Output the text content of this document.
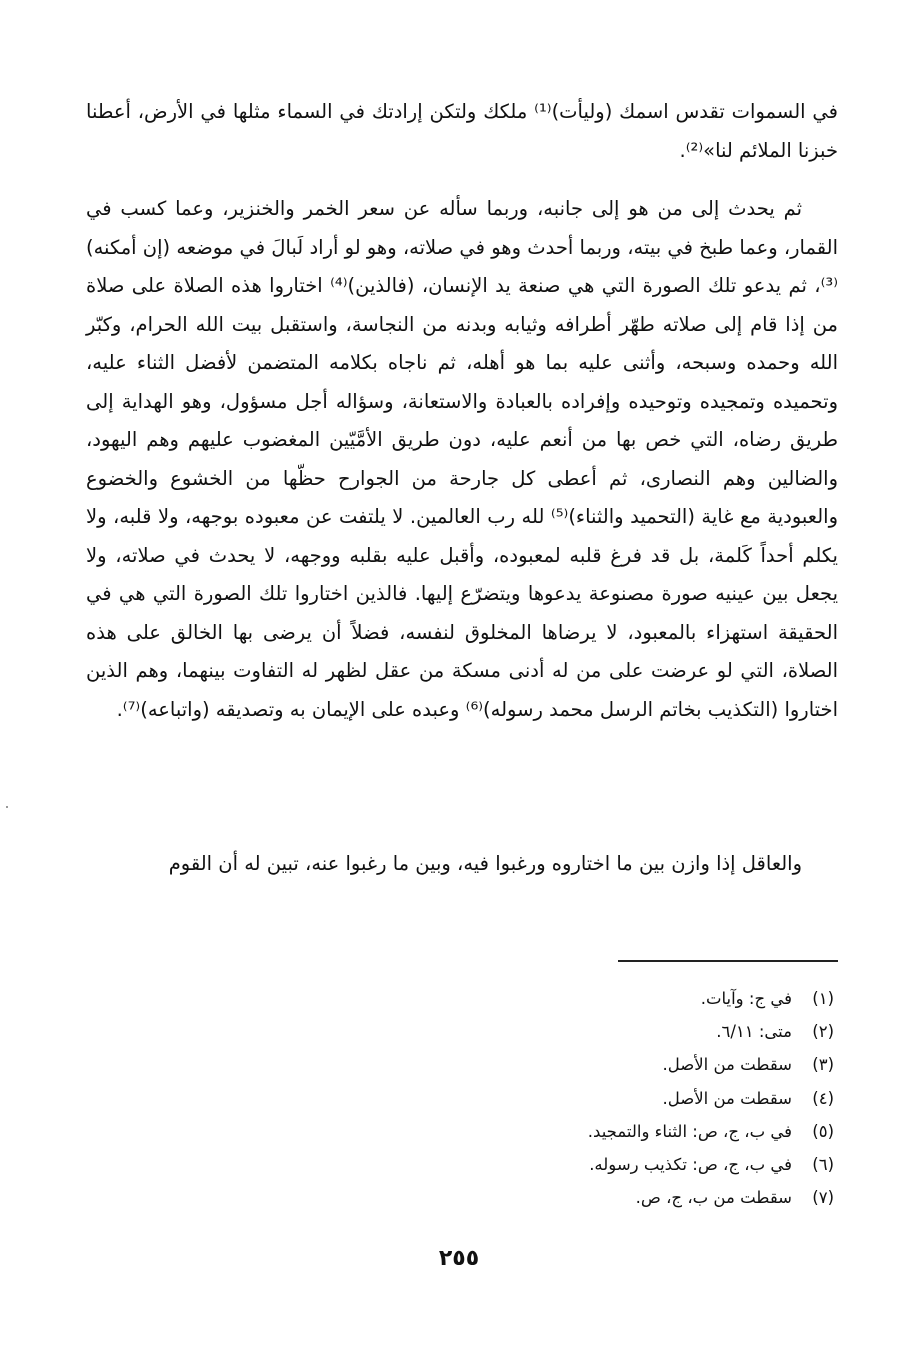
في السموات تقدس اسمك (وليأت)⁽¹⁾ ملكك ولتكن إرادتك في السماء مثلها في الأرض، أعطنا خبزنا الملائم لنا»⁽²⁾.

ثم يحدث إلى من هو إلى جانبه، وربما سأله عن سعر الخمر والخنزير، وعما كسب في القمار، وعما طبخ في بيته، وربما أحدث وهو في صلاته، وهو لو أراد لَبالَ في موضعه (إن أمكنه)⁽³⁾، ثم يدعو تلك الصورة التي هي صنعة يد الإنسان، (فالذين)⁽⁴⁾ اختاروا هذه الصلاة على صلاة من إذا قام إلى صلاته طهّر أطرافه وثيابه وبدنه من النجاسة، واستقبل بيت الله الحرام، وكبّر الله وحمده وسبحه، وأثنى عليه بما هو أهله، ثم ناجاه بكلامه المتضمن لأفضل الثناء عليه، وتحميده وتمجيده وتوحيده وإفراده بالعبادة والاستعانة، وسؤاله أجل مسؤول، وهو الهداية إلى طريق رضاه، التي خص بها من أنعم عليه، دون طريق الأمَّيّين المغضوب عليهم وهم اليهود، والضالين وهم النصارى، ثم أعطى كل جارحة من الجوارح حظّها من الخشوع والخضوع والعبودية مع غاية (التحميد والثناء)⁽⁵⁾ لله رب العالمين. لا يلتفت عن معبوده بوجهه، ولا قلبه، ولا يكلم أحداً كَلمة، بل قد فرغ قلبه لمعبوده، وأقبل عليه بقلبه ووجهه، لا يحدث في صلاته، ولا يجعل بين عينيه صورة مصنوعة يدعوها ويتضرّع إليها. فالذين اختاروا تلك الصورة التي هي في الحقيقة استهزاء بالمعبود، لا يرضاها المخلوق لنفسه، فضلاً أن يرضى بها الخالق على هذه الصلاة، التي لو عرضت على من له أدنى مسكة من عقل لظهر له التفاوت بينهما، وهم الذين اختاروا (التكذيب بخاتم الرسل محمد رسوله)⁽⁶⁾ وعبده على الإيمان به وتصديقه (واتباعه)⁽⁷⁾.

والعاقل إذا وازن بين ما اختاروه ورغبوا فيه، وبين ما رغبوا عنه، تبين له أن القوم

(١)
في ج: وآيات.
(٢)
متى: ٦/١١.
(٣)
سقطت من الأصل.
(٤)
سقطت من الأصل.
(٥)
في ب، ج، ص: الثناء والتمجيد.
(٦)
في ب، ج، ص: تكذيب رسوله.
(٧)
سقطت من ب، ج، ص.
٢٥٥
